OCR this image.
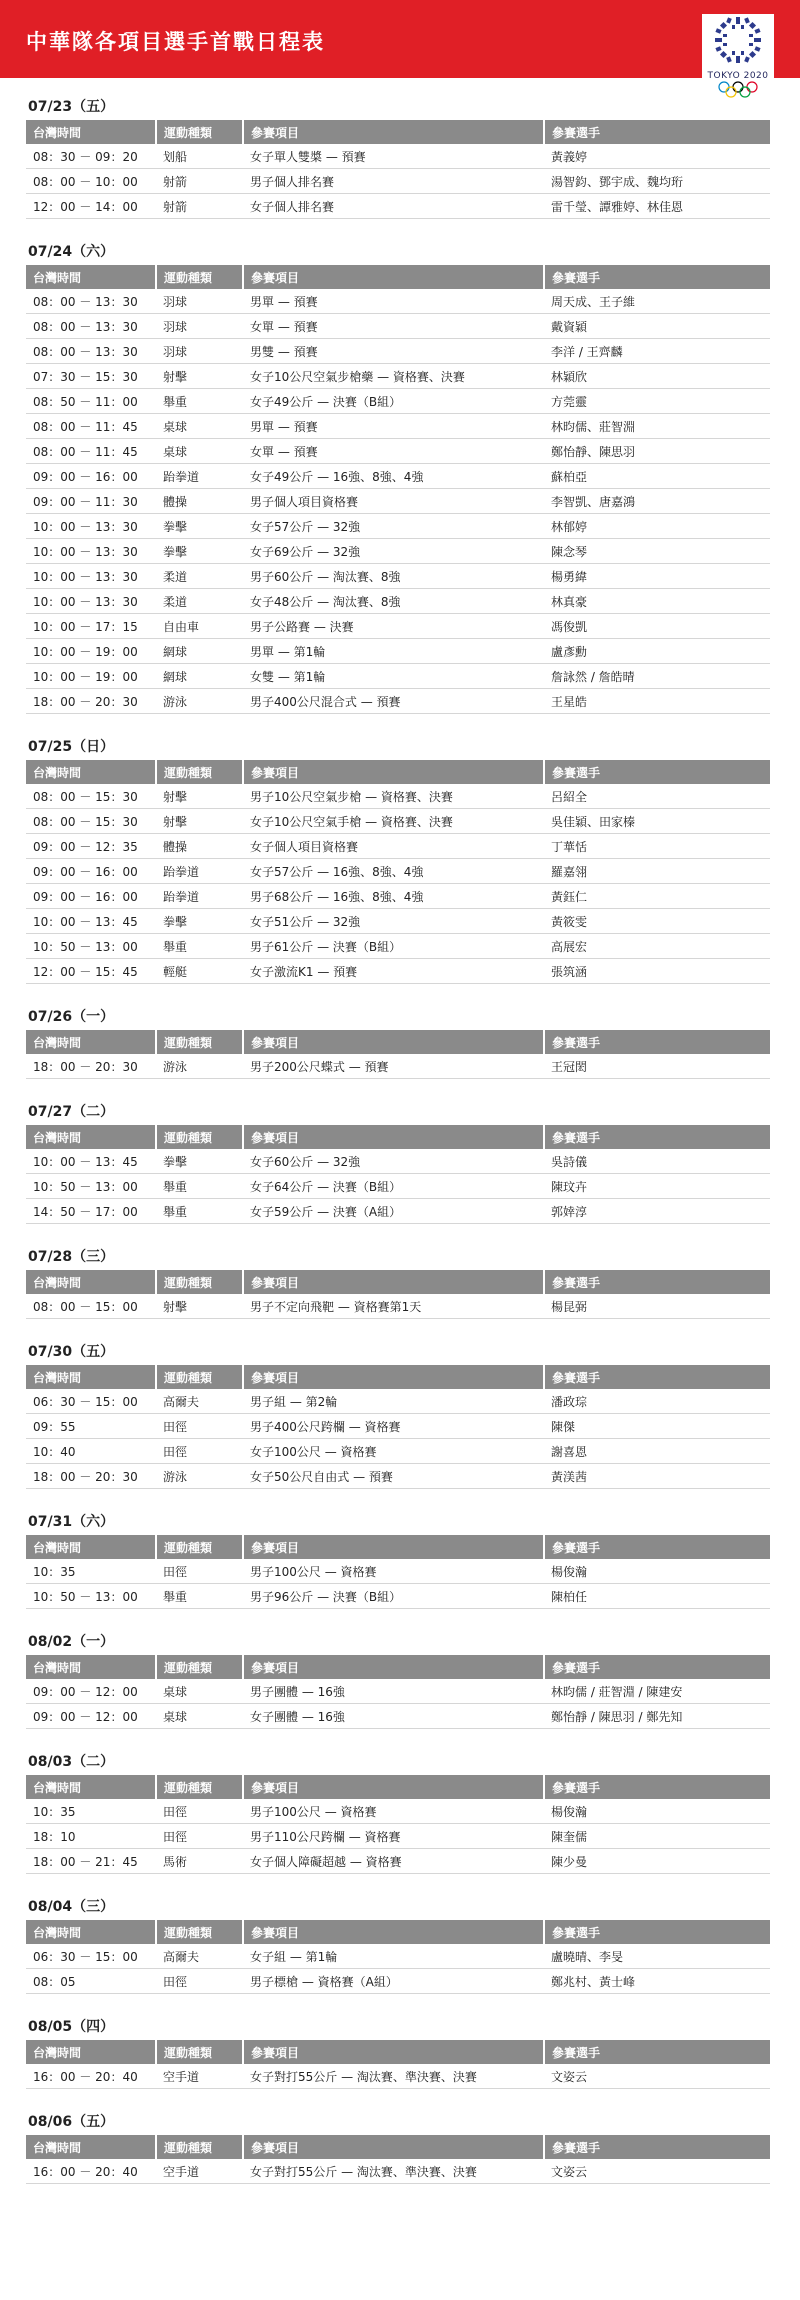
中華隊各項目選手首戰日程表
TOKYO 2020
07/23（五）
台灣時間	運動種類	參賽項目	參賽選手
08：30 － 09：20	划船	女子單人雙槳 — 預賽	黃義婷
08：00 － 10：00	射箭	男子個人排名賽	湯智鈞、鄧宇成、魏均珩
12：00 － 14：00	射箭	女子個人排名賽	雷千瑩、譚雅婷、林佳恩
07/24（六）
台灣時間	運動種類	參賽項目	參賽選手
08：00 － 13：30	羽球	男單 — 預賽	周天成、王子維
08：00 － 13：30	羽球	女單 — 預賽	戴資穎
08：00 － 13：30	羽球	男雙 — 預賽	李洋 / 王齊麟
07：30 － 15：30	射擊	女子10公尺空氣步槍藥 — 資格賽、決賽	林穎欣
08：50 － 11：00	舉重	女子49公斤 — 決賽（B組）	方莞靈
08：00 － 11：45	桌球	男單 — 預賽	林昀儒、莊智淵
08：00 － 11：45	桌球	女單 — 預賽	鄭怡靜、陳思羽
09：00 － 16：00	跆拳道	女子49公斤 — 16強、8強、4強	蘇柏亞
09：00 － 11：30	體操	男子個人項目資格賽	李智凱、唐嘉鴻
10：00 － 13：30	拳擊	女子57公斤 — 32強	林郁婷
10：00 － 13：30	拳擊	女子69公斤 — 32強	陳念琴
10：00 － 13：30	柔道	男子60公斤 — 淘汰賽、8強	楊勇緯
10：00 － 13：30	柔道	女子48公斤 — 淘汰賽、8強	林真豪
10：00 － 17：15	自由車	男子公路賽 — 決賽	馮俊凱
10：00 － 19：00	網球	男單 — 第1輪	盧彥勳
10：00 － 19：00	網球	女雙 — 第1輪	詹詠然 / 詹皓晴
18：00 － 20：30	游泳	男子400公尺混合式 — 預賽	王星皓
07/25（日）
台灣時間	運動種類	參賽項目	參賽選手
08：00 － 15：30	射擊	男子10公尺空氣步槍 — 資格賽、決賽	呂紹全
08：00 － 15：30	射擊	女子10公尺空氣手槍 — 資格賽、決賽	吳佳穎、田家榛
09：00 － 12：35	體操	女子個人項目資格賽	丁華恬
09：00 － 16：00	跆拳道	女子57公斤 — 16強、8強、4強	羅嘉翎
09：00 － 16：00	跆拳道	男子68公斤 — 16強、8強、4強	黃鈺仁
10：00 － 13：45	拳擊	女子51公斤 — 32強	黃筱雯
10：50 － 13：00	舉重	男子61公斤 — 決賽（B組）	高展宏
12：00 － 15：45	輕艇	女子激流K1 — 預賽	張筑涵
07/26（一）
台灣時間	運動種類	參賽項目	參賽選手
18：00 － 20：30	游泳	男子200公尺蝶式 — 預賽	王冠閎
07/27（二）
台灣時間	運動種類	參賽項目	參賽選手
10：00 － 13：45	拳擊	女子60公斤 — 32強	吳詩儀
10：50 － 13：00	舉重	女子64公斤 — 決賽（B組）	陳玟卉
14：50 － 17：00	舉重	女子59公斤 — 決賽（A組）	郭婞淳
07/28（三）
台灣時間	運動種類	參賽項目	參賽選手
08：00 － 15：00	射擊	男子不定向飛靶 — 資格賽第1天	楊昆弼
07/30（五）
台灣時間	運動種類	參賽項目	參賽選手
06：30 － 15：00	高爾夫	男子組 — 第2輪	潘政琮
09：55	田徑	男子400公尺跨欄 — 資格賽	陳傑
10：40	田徑	女子100公尺 — 資格賽	謝喜恩
18：00 － 20：30	游泳	女子50公尺自由式 — 預賽	黃渼茜
07/31（六）
台灣時間	運動種類	參賽項目	參賽選手
10：35	田徑	男子100公尺 — 資格賽	楊俊瀚
10：50 － 13：00	舉重	男子96公斤 — 決賽（B組）	陳柏任
08/02（一）
台灣時間	運動種類	參賽項目	參賽選手
09：00 － 12：00	桌球	男子團體 — 16強	林昀儒 / 莊智淵 / 陳建安
09：00 － 12：00	桌球	女子團體 — 16強	鄭怡靜 / 陳思羽 / 鄭先知
08/03（二）
台灣時間	運動種類	參賽項目	參賽選手
10：35	田徑	男子100公尺 — 資格賽	楊俊瀚
18：10	田徑	男子110公尺跨欄 — 資格賽	陳奎儒
18：00 － 21：45	馬術	女子個人障礙超越 — 資格賽	陳少曼
08/04（三）
台灣時間	運動種類	參賽項目	參賽選手
06：30 － 15：00	高爾夫	女子組 — 第1輪	盧曉晴、李旻
08：05	田徑	男子標槍 — 資格賽（A組）	鄭兆村、黃士峰
08/05（四）
台灣時間	運動種類	參賽項目	參賽選手
16：00 － 20：40	空手道	女子對打55公斤 — 淘汰賽、準決賽、決賽	文姿云
08/06（五）
台灣時間	運動種類	參賽項目	參賽選手
16：00 － 20：40	空手道	女子對打55公斤 — 淘汰賽、準決賽、決賽	文姿云
